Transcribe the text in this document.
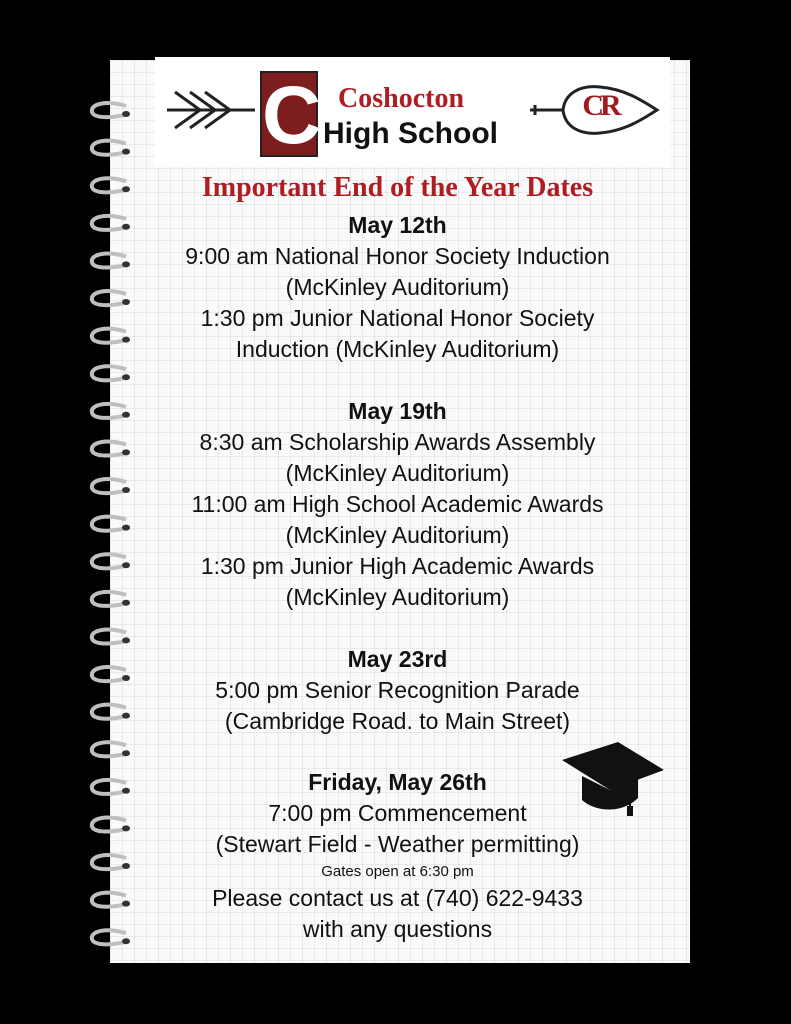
C Coshocton
High School
CR
Important End of the Year Dates
May 12th
9:00 am National Honor Society Induction
(McKinley Auditorium)
1:30 pm Junior National Honor Society
Induction (McKinley Auditorium)
May 19th
8:30 am Scholarship Awards Assembly
(McKinley Auditorium)
11:00 am High School Academic Awards
(McKinley Auditorium)
1:30 pm Junior High Academic Awards
(McKinley Auditorium)
May 23rd
5:00 pm Senior Recognition Parade
(Cambridge Road. to Main Street)
Friday, May 26th
7:00 pm Commencement
(Stewart Field - Weather permitting)
Gates open at 6:30 pm
Please contact us at (740) 622-9433
with any questions
